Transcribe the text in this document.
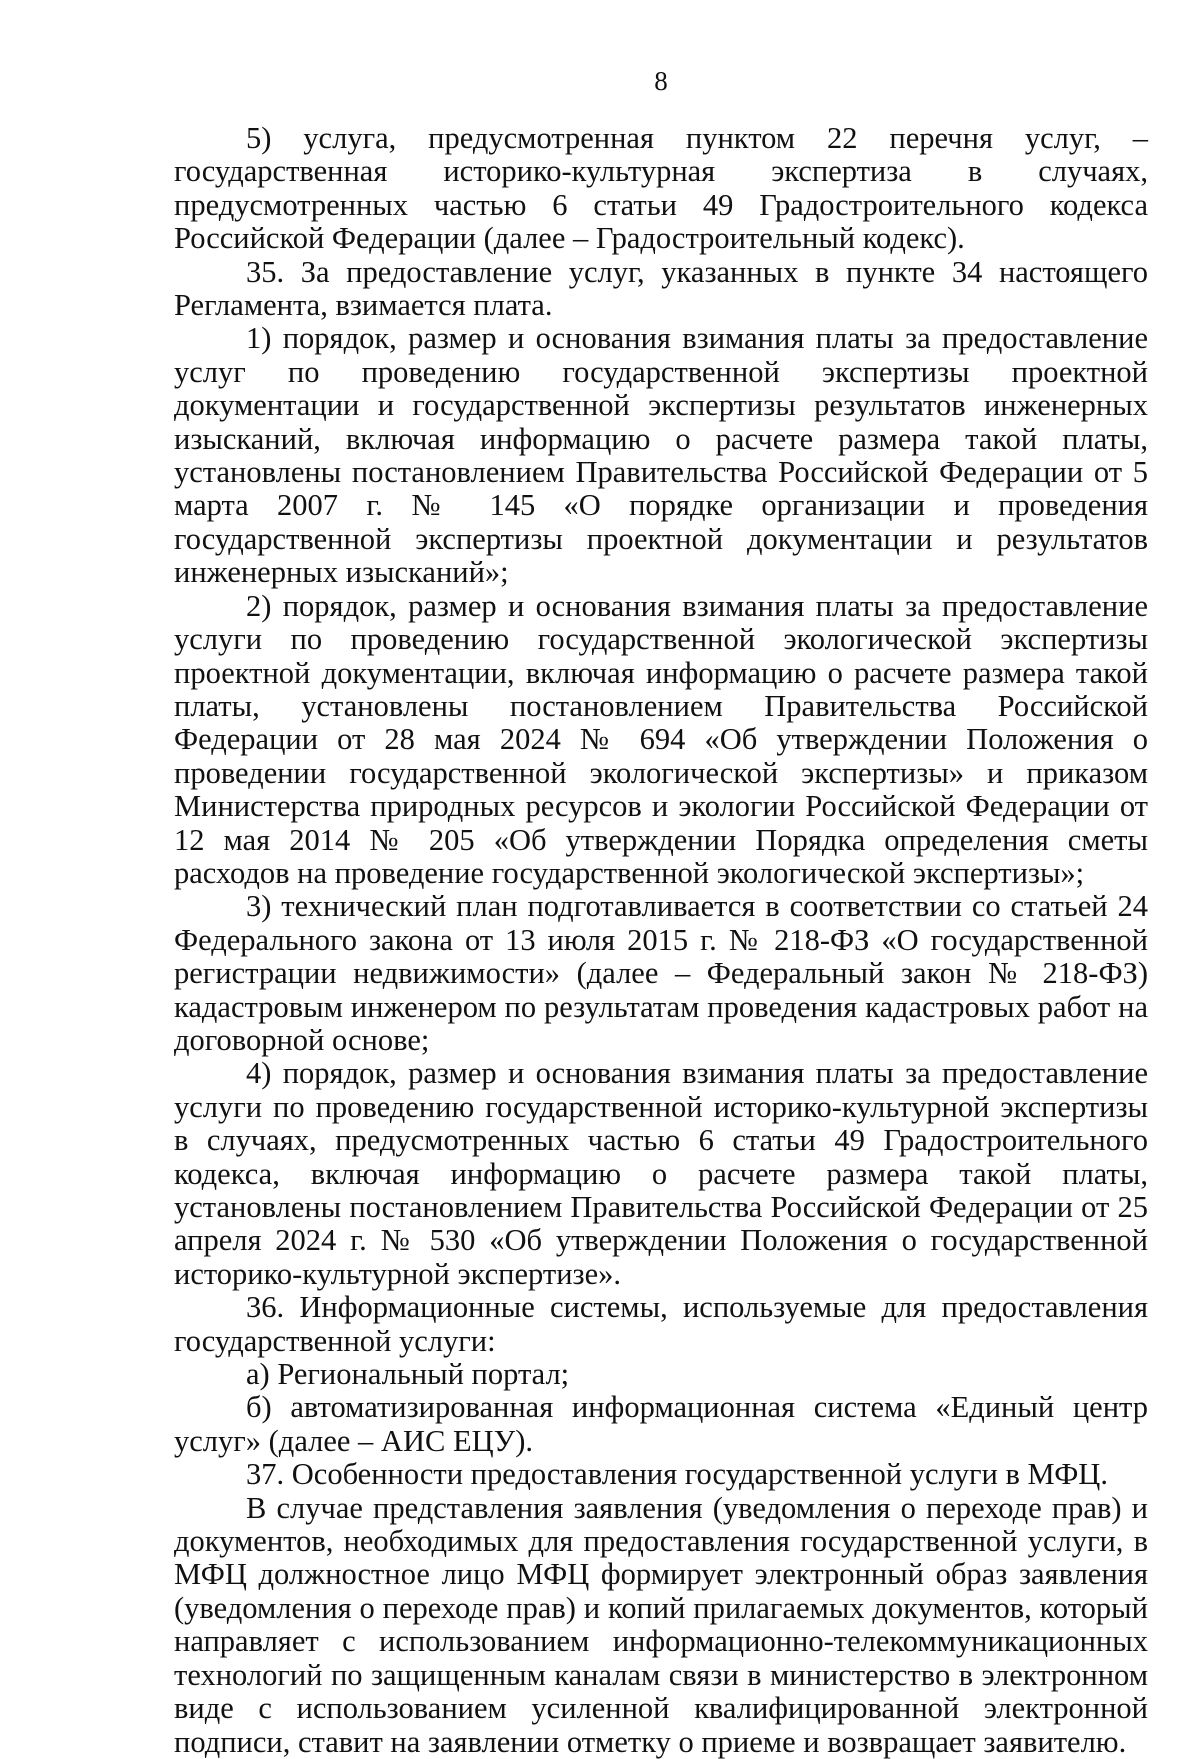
8

5) услуга, предусмотренная пунктом 22 перечня услуг, – государственная историко-культурная экспертиза в случаях, предусмотренных частью 6 статьи 49 Градостроительного кодекса Российской Федерации (далее – Градостроительный кодекс).

35. За предоставление услуг, указанных в пункте 34 настоящего Регламента, взимается плата.

1) порядок, размер и основания взимания платы за предоставление услуг по проведению государственной экспертизы проектной документации и государственной экспертизы результатов инженерных изысканий, включая информацию о расчете размера такой платы, установлены постановлением Правительства Российской Федерации от 5 марта 2007 г. № 145 «О порядке организации и проведения государственной экспертизы проектной документации и результатов инженерных изысканий»;

2) порядок, размер и основания взимания платы за предоставление услуги по проведению государственной экологической экспертизы проектной документации, включая информацию о расчете размера такой платы, установлены постановлением Правительства Российской Федерации от 28 мая 2024 № 694 «Об утверждении Положения о проведении государственной экологической экспертизы» и приказом Министерства природных ресурсов и экологии Российской Федерации от 12 мая 2014 № 205 «Об утверждении Порядка определения сметы расходов на проведение государственной экологической экспертизы»;

3) технический план подготавливается в соответствии со статьей 24 Федерального закона от 13 июля 2015 г. № 218-ФЗ «О государственной регистрации недвижимости» (далее – Федеральный закон № 218-ФЗ) кадастровым инженером по результатам проведения кадастровых работ на договорной основе;

4) порядок, размер и основания взимания платы за предоставление услуги по проведению государственной историко-культурной экспертизы в случаях, предусмотренных частью 6 статьи 49 Градостроительного кодекса, включая информацию о расчете размера такой платы, установлены постановлением Правительства Российской Федерации от 25 апреля 2024 г. № 530 «Об утверждении Положения о государственной историко-культурной экспертизе».

36. Информационные системы, используемые для предоставления государственной услуги:

а) Региональный портал;

б) автоматизированная информационная система «Единый центр услуг» (далее – АИС ЕЦУ).

37. Особенности предоставления государственной услуги в МФЦ.

В случае представления заявления (уведомления о переходе прав) и документов, необходимых для предоставления государственной услуги, в МФЦ должностное лицо МФЦ формирует электронный образ заявления (уведомления о переходе прав) и копий прилагаемых документов, который направляет с использованием информационно-телекоммуникационных технологий по защищенным каналам связи в министерство в электронном виде с использованием усиленной квалифицированной электронной подписи, ставит на заявлении отметку о приеме и возвращает заявителю.
